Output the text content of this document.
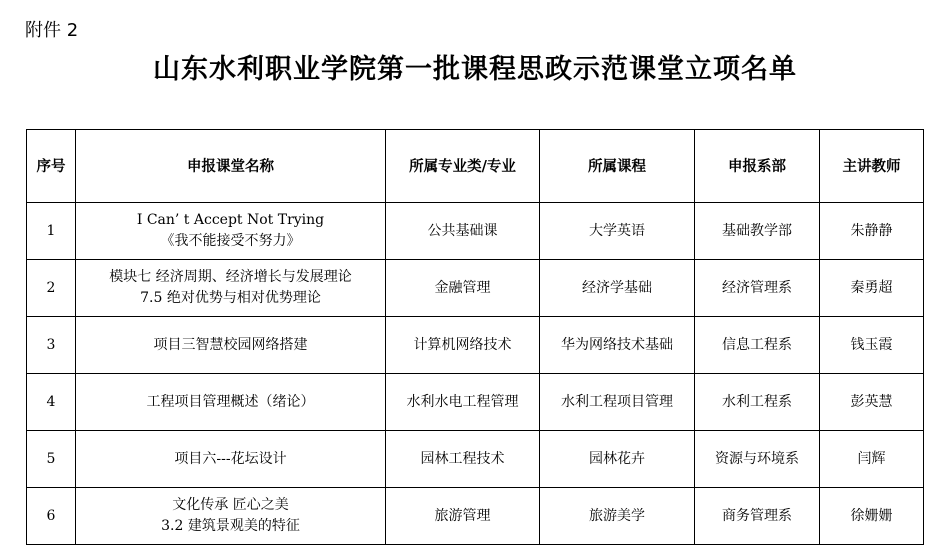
附件 2
山东水利职业学院第一批课程思政示范课堂立项名单
序号	申报课堂名称	所属专业类/专业	所属课程	申报系部	主讲教师
1	I Can’ t Accept Not Trying
《我不能接受不努力》	公共基础课	大学英语	基础教学部	朱静静
2	模块七 经济周期、经济增长与发展理论
7.5 绝对优势与相对优势理论	金融管理	经济学基础	经济管理系	秦勇超
3	项目三智慧校园网络搭建	计算机网络技术	华为网络技术基础	信息工程系	钱玉霞
4	工程项目管理概述（绪论）	水利水电工程管理	水利工程项目管理	水利工程系	彭英慧
5	项目六---花坛设计	园林工程技术	园林花卉	资源与环境系	闫辉
6	文化传承 匠心之美
3.2 建筑景观美的特征	旅游管理	旅游美学	商务管理系	徐姗姗
